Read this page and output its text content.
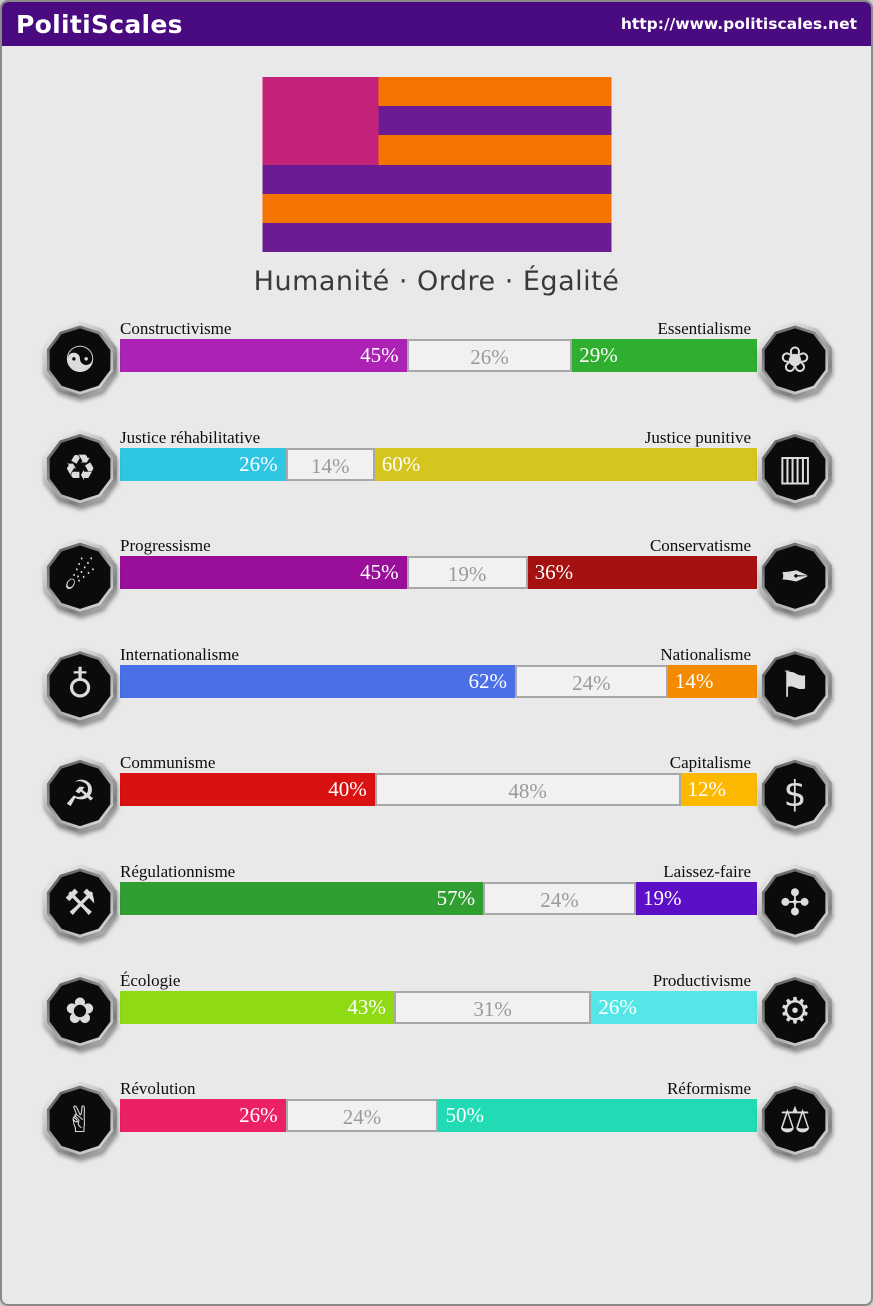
PolitiScales	http://www.politiscales.net
Humanité · Ordre · Égalité
☯
Constructivisme	Essentialisme
45%	26%	29%	❀
♻
Justice réhabilitative	Justice punitive
26%	14%	60%	▥
☄
Progressisme	Conservatisme
45%	19%	36%	✒
♁
Internationalisme	Nationalisme
62%	24%	14%	⚑
☭
Communisme	Capitalisme
40%	48%	12%	$
⚒
Régulationnisme	Laissez-faire
57%	24%	19%	✣
✿
Écologie	Productivisme
43%	31%	26%	⚙
✌
Révolution	Réformisme
26%	24%	50%	⚖
